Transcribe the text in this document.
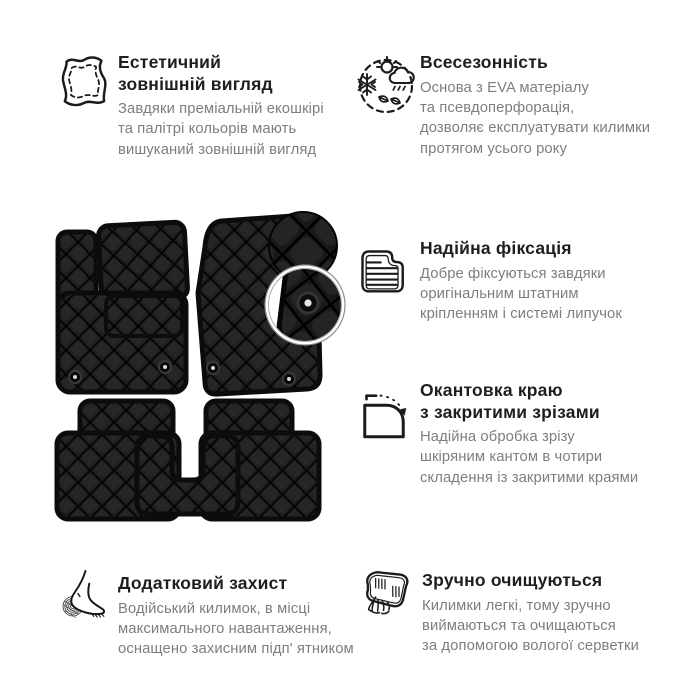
Естетичний
зовнішній вигляд
Завдяки преміальній екошкірі
та палітрі кольорів мають
вишуканий зовнішній вигляд
Всесезонність
Основа з EVA матеріалу
та псевдоперфорація,
дозволяє експлуатувати килимки
протягом усього року
Надійна фіксація
Добре фіксуються завдяки
оригінальним штатним
кріпленням і системі липучок
Окантовка краю
з закритими зрізами
Надійна обробка зрізу
шкіряним кантом в чотири
складення із закритими краями
Додатковий захист
Водійський килимок, в місці
максимального навантаження,
оснащено захисним підп' ятником
Зручно очищуються
Килимки легкі, тому зручно
виймаються та очищаються
за допомогою вологої серветки
